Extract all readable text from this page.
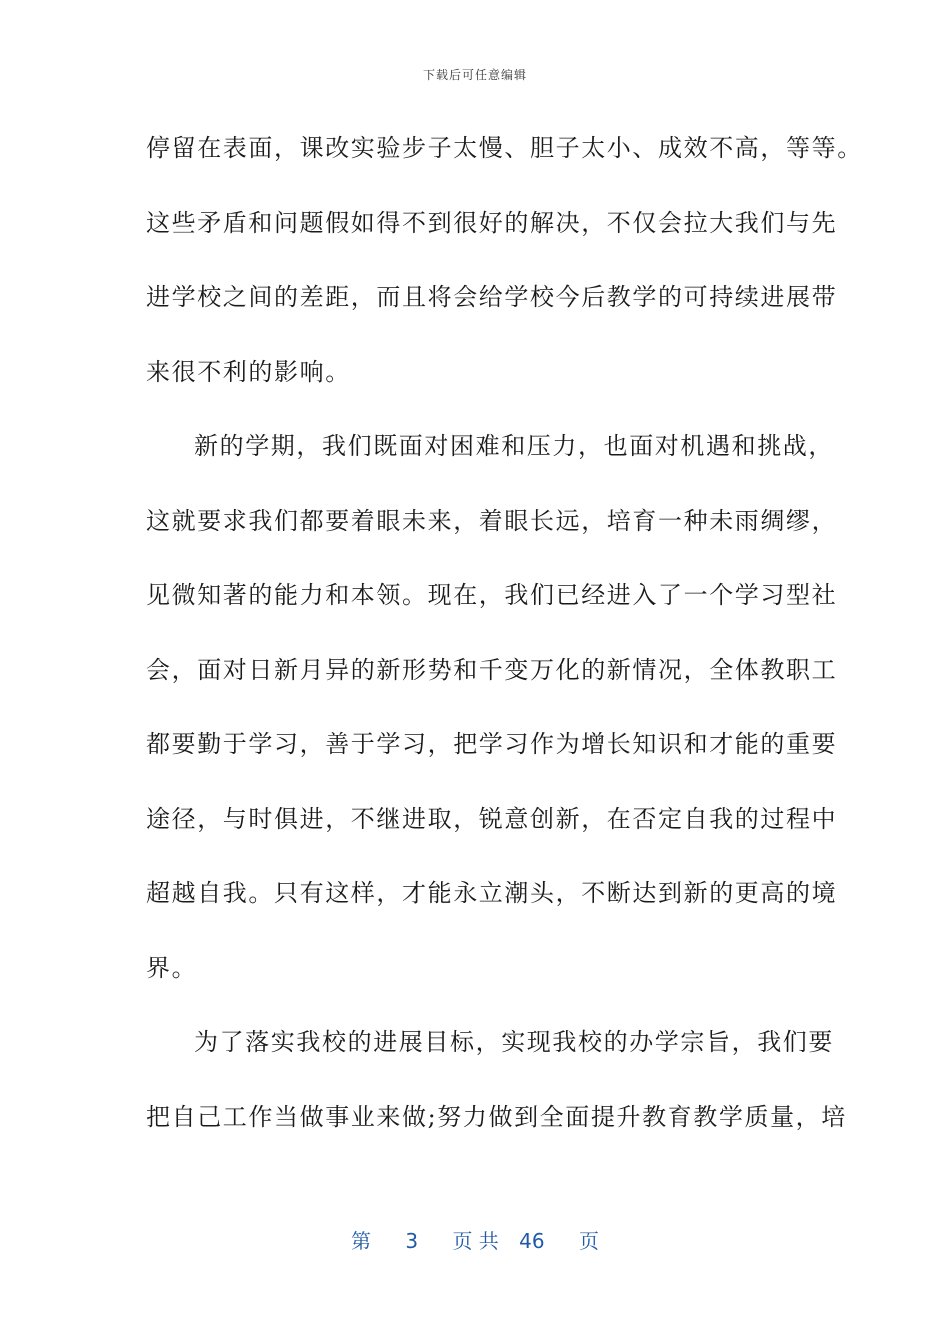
下载后可任意编辑
停留在表面，课改实验步子太慢、胆子太小、成效不高，等等。
这些矛盾和问题假如得不到很好的解决，不仅会拉大我们与先
进学校之间的差距，而且将会给学校今后教学的可持续进展带
来很不利的影响。
新的学期，我们既面对困难和压力，也面对机遇和挑战，
这就要求我们都要着眼未来，着眼长远，培育一种未雨绸缪，
见微知著的能力和本领。现在，我们已经进入了一个学习型社
会，面对日新月异的新形势和千变万化的新情况，全体教职工
都要勤于学习，善于学习，把学习作为增长知识和才能的重要
途径，与时俱进，不继进取，锐意创新，在否定自我的过程中
超越自我。只有这样，才能永立潮头，不断达到新的更高的境
界。
为了落实我校的进展目标，实现我校的办学宗旨，我们要
把自己工作当做事业来做;努力做到全面提升教育教学质量，培
第 3 页 共 46 页
